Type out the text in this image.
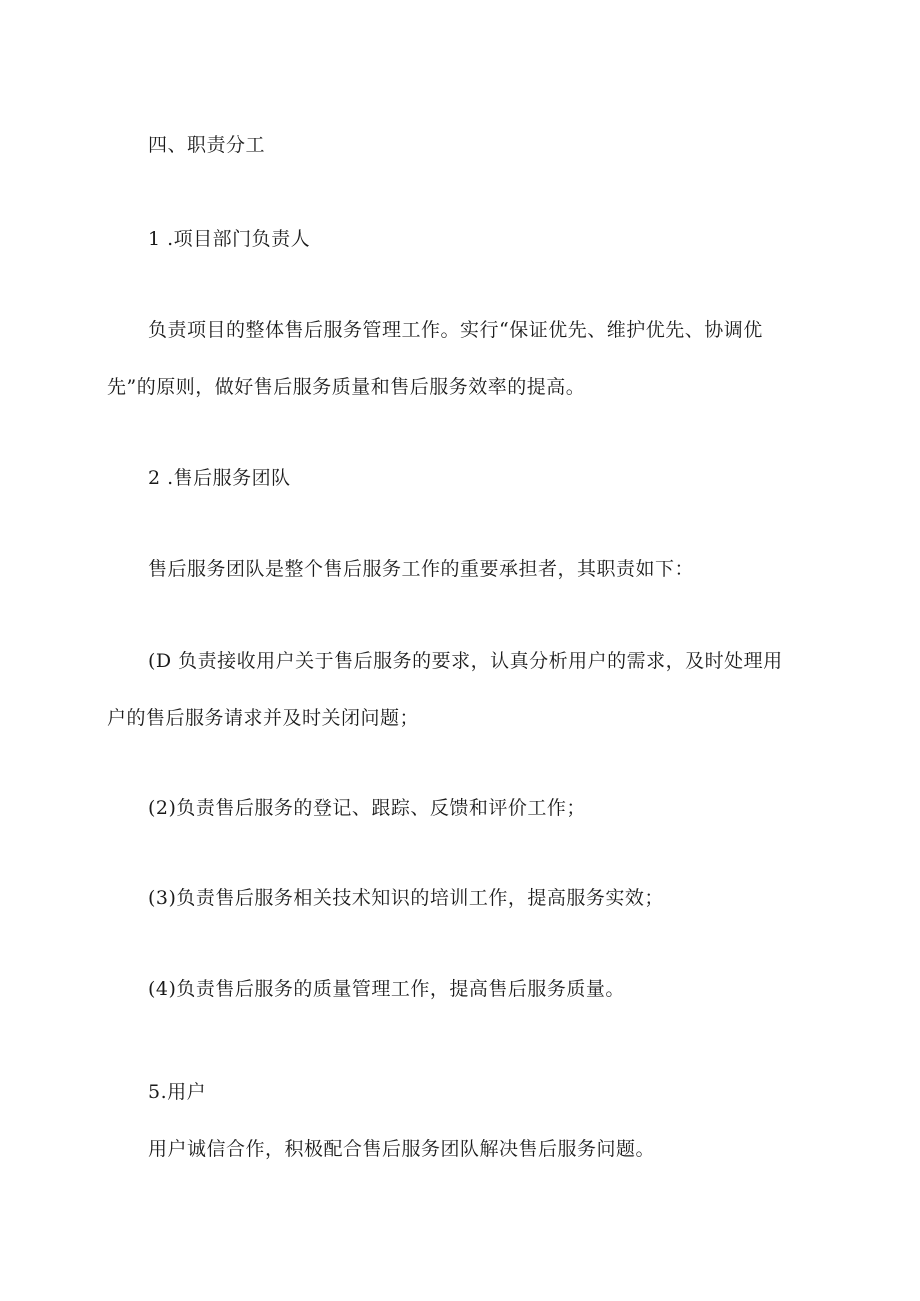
四、职责分工
1 .项目部门负责人
负责项目的整体售后服务管理工作。实行“保证优先、维护优先、协调优
先”的原则，做好售后服务质量和售后服务效率的提高。
2 .售后服务团队
售后服务团队是整个售后服务工作的重要承担者，其职责如下：
(D 负责接收用户关于售后服务的要求，认真分析用户的需求，及时处理用
户的售后服务请求并及时关闭问题；
(2)负责售后服务的登记、跟踪、反馈和评价工作；
(3)负责售后服务相关技术知识的培训工作，提高服务实效；
(4)负责售后服务的质量管理工作，提高售后服务质量。
5.用户
用户诚信合作，积极配合售后服务团队解决售后服务问题。
